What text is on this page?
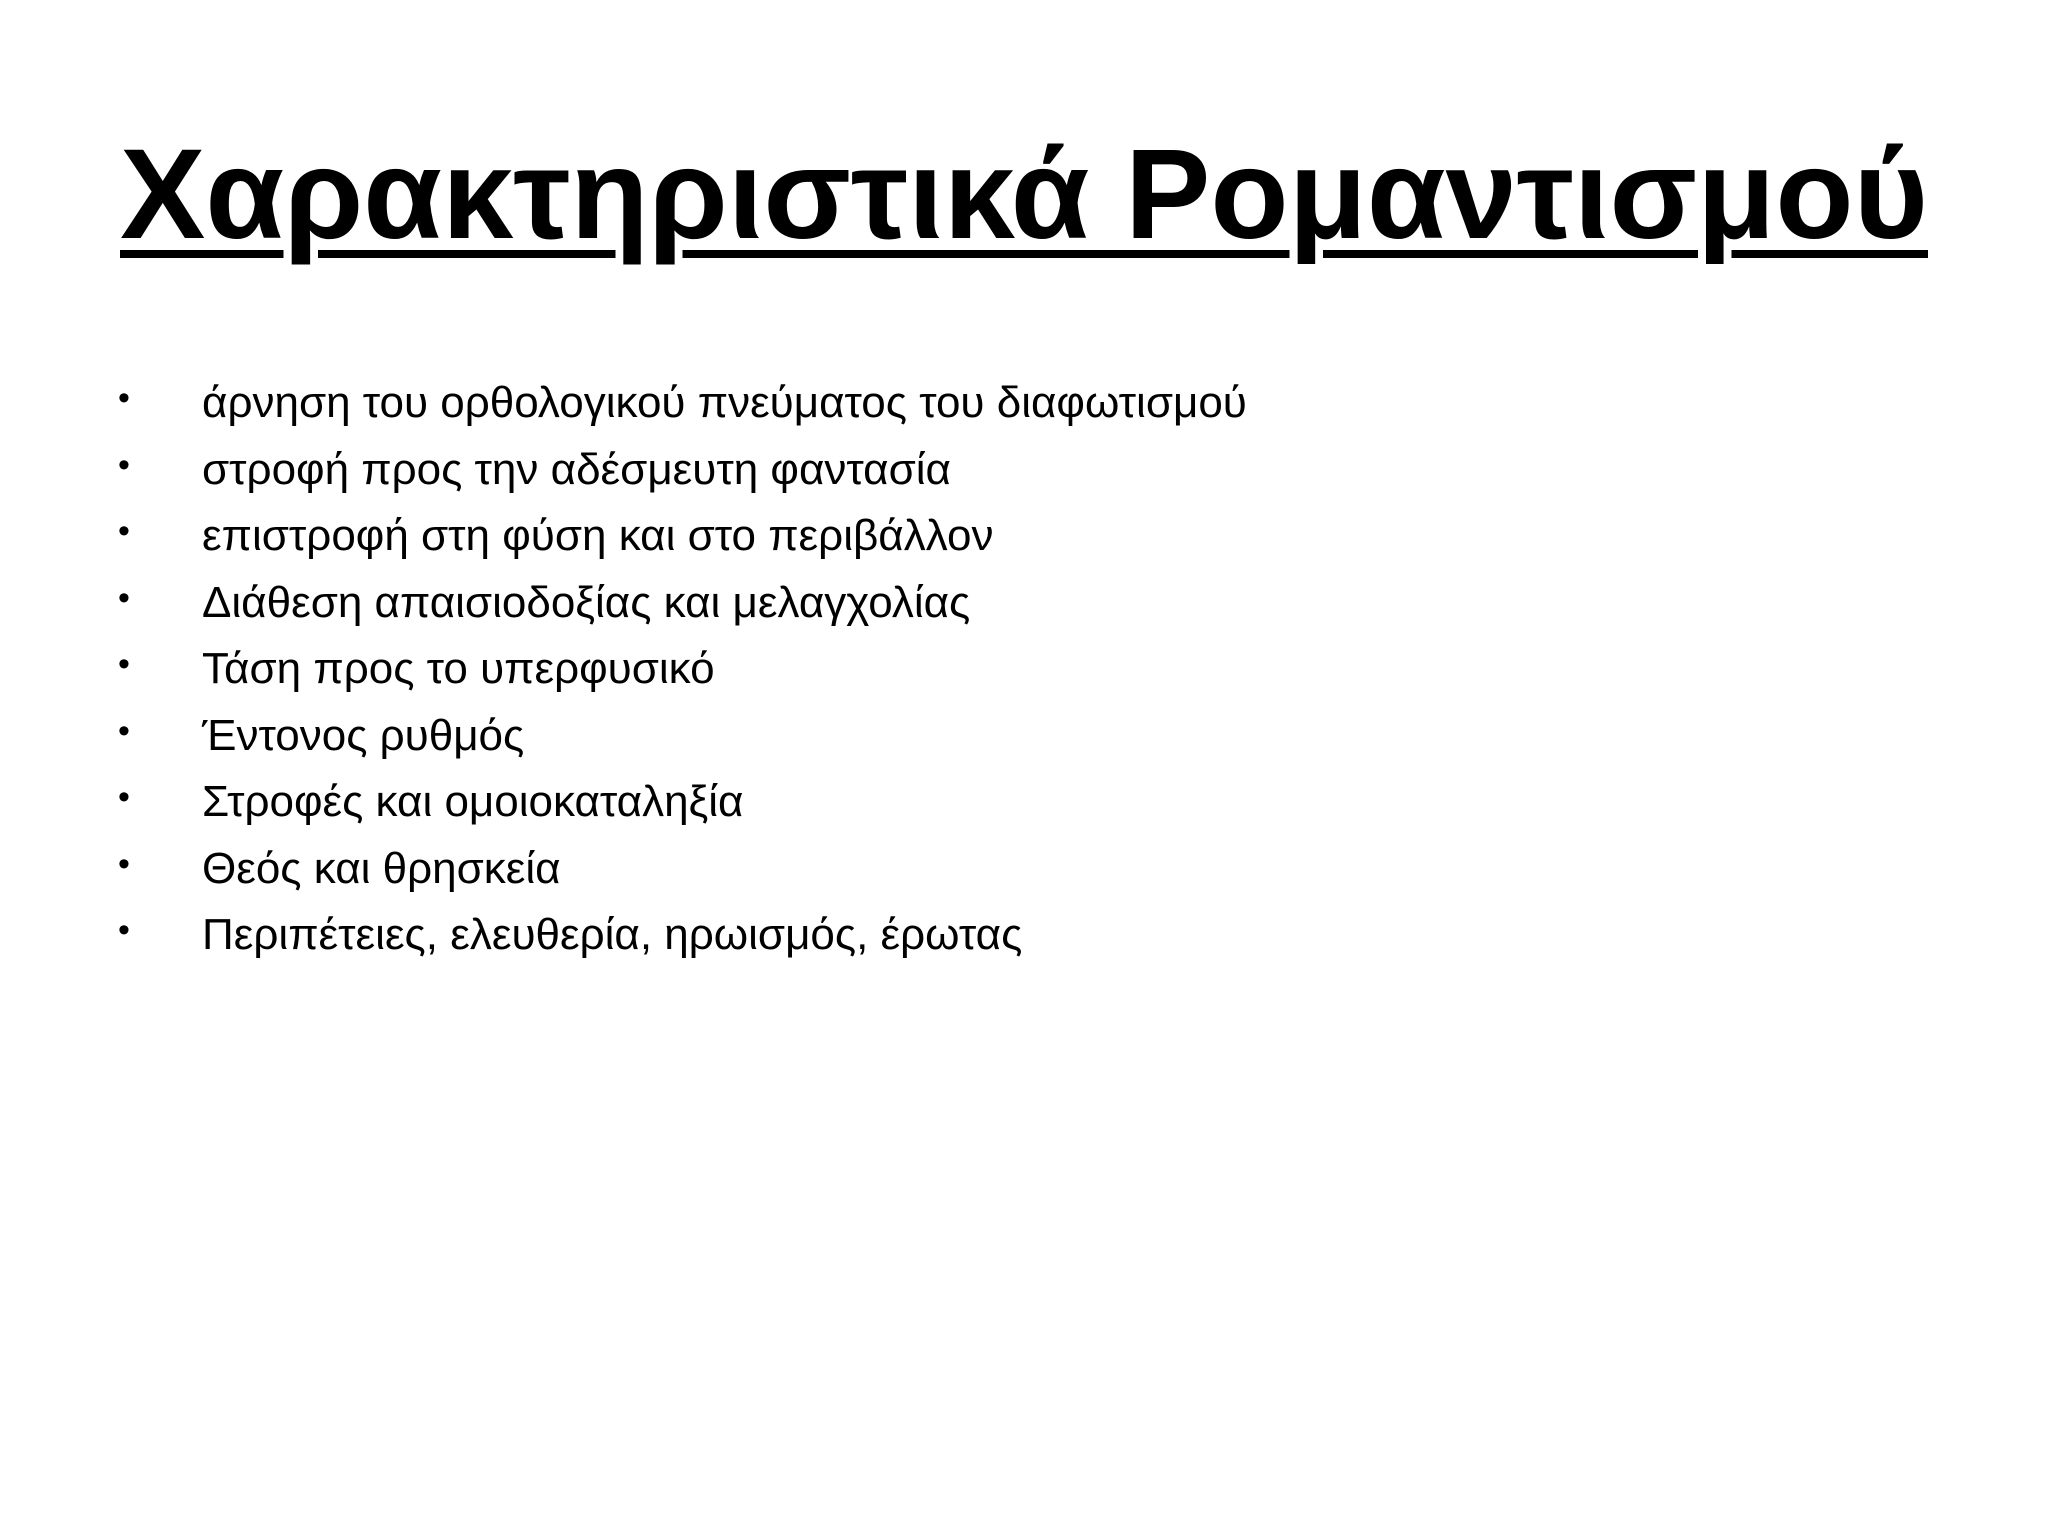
Χαρακτηριστικά Ρομαντισμού
•	άρνηση του ορθολογικού πνεύματος του διαφωτισμού
•	στροφή προς την αδέσμευτη φαντασία
•	επιστροφή στη φύση και στο περιβάλλον
•	Διάθεση απαισιοδοξίας και μελαγχολίας
•	Τάση προς το υπερφυσικό
•	Έντονος ρυθμός
•	Στροφές και ομοιοκαταληξία
•	Θεός και θρησκεία
•	Περιπέτειες, ελευθερία, ηρωισμός, έρωτας
